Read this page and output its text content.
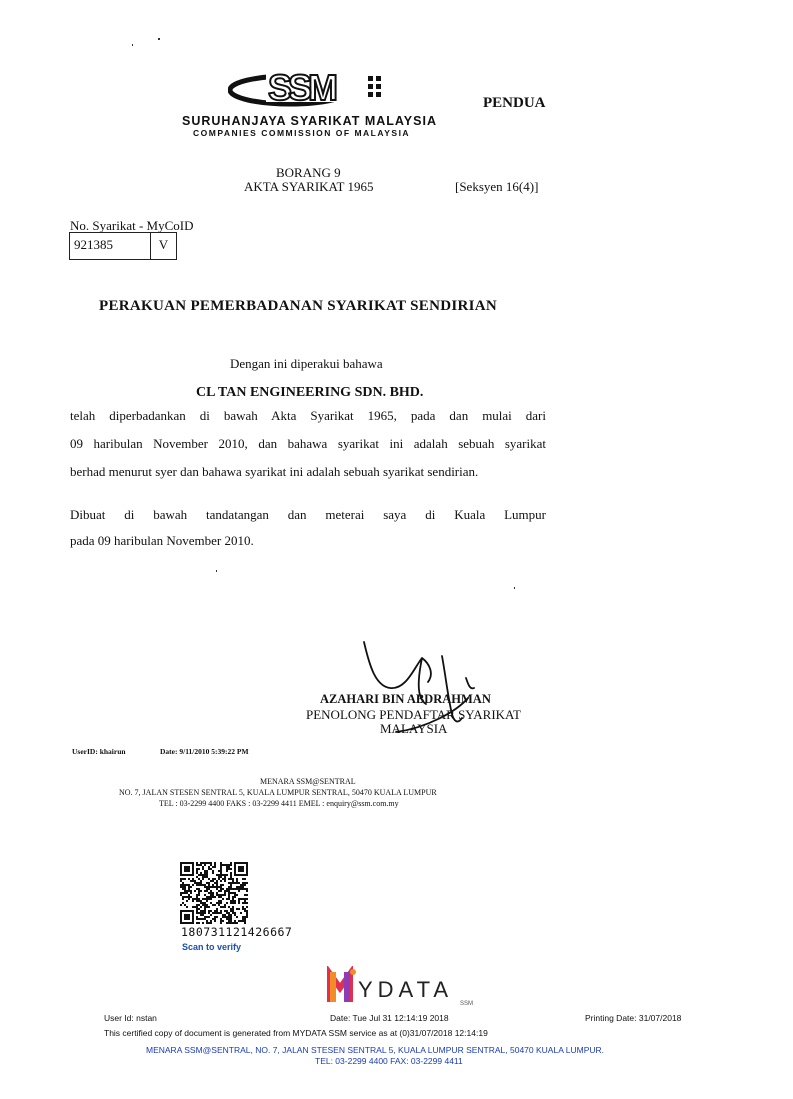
SSM
SURUHANJAYA SYARIKAT MALAYSIA
COMPANIES COMMISSION OF MALAYSIA
PENDUA
BORANG 9
AKTA SYARIKAT 1965	[Seksyen 16(4)]
No. Syarikat - MyCoID
921385	V
PERAKUAN PEMERBADANAN SYARIKAT SENDIRIAN
Dengan ini diperakui bahawa
CL TAN ENGINEERING SDN. BHD.
telah diperbadankan di bawah Akta Syarikat 1965, pada dan mulai dari
09 haribulan November 2010, dan bahawa syarikat ini adalah sebuah syarikat
berhad menurut syer dan bahawa syarikat ini adalah sebuah syarikat sendirian.
Dibuat di bawah tandatangan dan meterai saya di Kuala Lumpur
pada 09 haribulan November 2010.
AZAHARI BIN ABDRAHMAN
PENOLONG PENDAFTAR SYARIKAT
MALAYSIA
UserID: khairun	Date: 9/11/2010 5:39:22 PM
MENARA SSM@SENTRAL
NO. 7, JALAN STESEN SENTRAL 5, KUALA LUMPUR SENTRAL, 50470 KUALA LUMPUR
TEL : 03-2299 4400 FAKS : 03-2299 4411 EMEL : enquiry@ssm.com.my
180731121426667
Scan to verify
YDATA
SSM
User Id: nstan	Date: Tue Jul 31 12:14:19 2018	Printing Date: 31/07/2018
This certified copy of document is generated from MYDATA SSM service as at (0)31/07/2018 12:14:19
MENARA SSM@SENTRAL, NO. 7, JALAN STESEN SENTRAL 5, KUALA LUMPUR SENTRAL, 50470 KUALA LUMPUR.
TEL: 03-2299 4400 FAX: 03-2299 4411
